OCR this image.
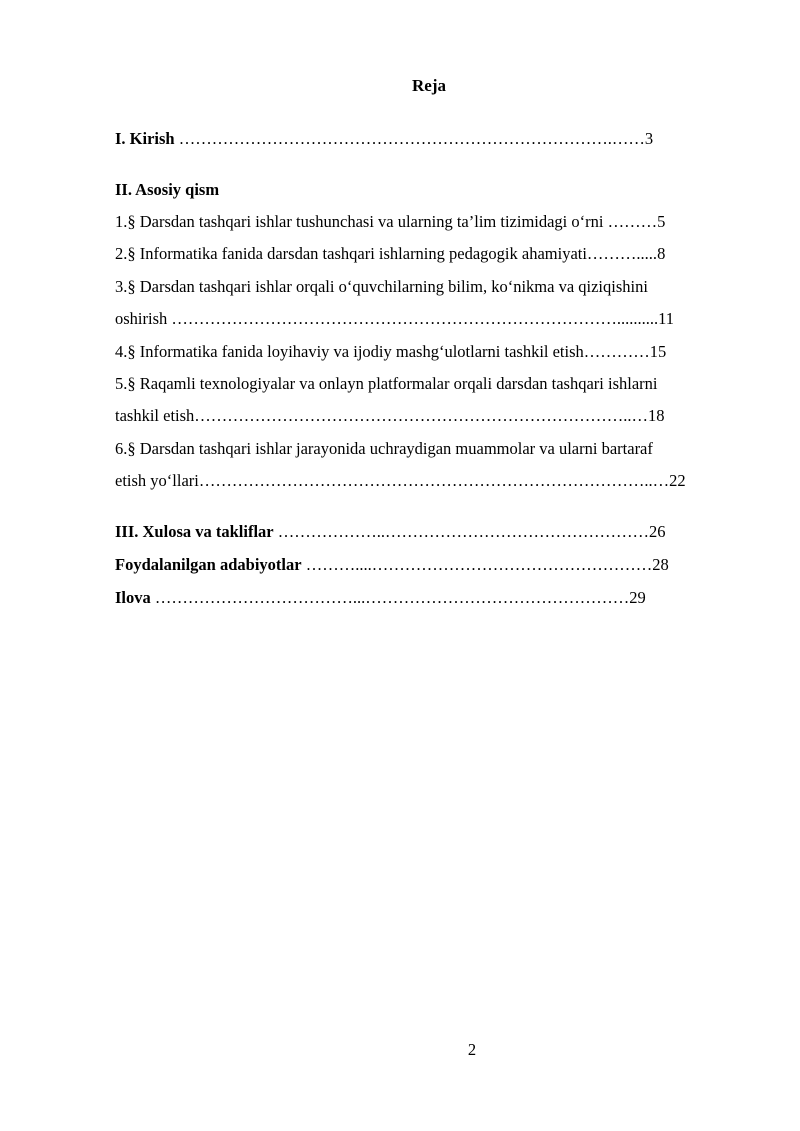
Reja
I. Kirish …………………………………………………………………….……3
II. Asosiy qism
1.§ Darsdan tashqari ishlar tushunchasi va ularning ta’lim tizimidagi o‘rni ………5
2.§ Informatika fanida darsdan tashqari ishlarning pedagogik ahamiyati……….....8
3.§ Darsdan tashqari ishlar orqali o‘quvchilarning bilim, ko‘nikma va qiziqishini
oshirish ………………………………………………………………………..........11
4.§ Informatika fanida loyihaviy va ijodiy mashg‘ulotlarni tashkil etish…………15
5.§ Raqamli texnologiyalar va onlayn platformalar orqali darsdan tashqari ishlarni
tashkil etish……………………………………………………………………..…18
6.§ Darsdan tashqari ishlar jarayonida uchraydigan muammolar va ularni bartaraf
etish yo‘llari………………………………………………………………………..…22
III. Xulosa va takliflar ………………..…………………………………………26
Foydalanilgan adabiyotlar ………....……………………………………………28
Ilova ………………………………...…………………………………………29
2
